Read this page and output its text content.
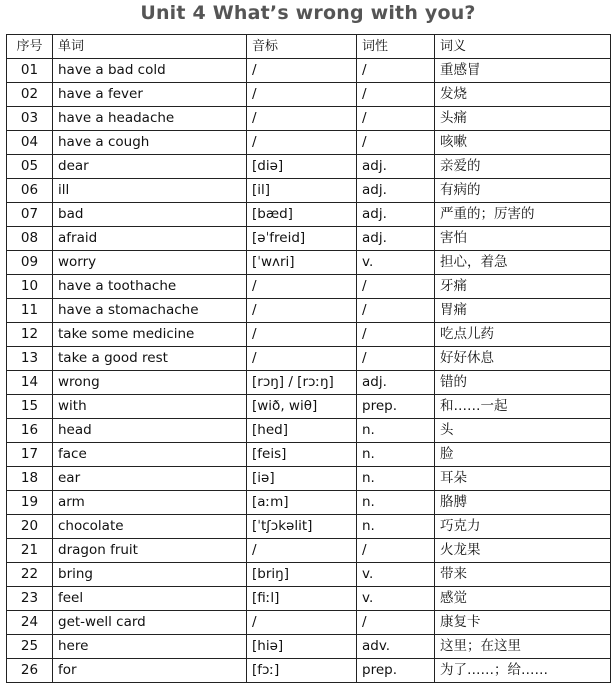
Unit 4 What’s wrong with you?
序号	单词	音标	词性	词义
01	have a bad cold	/	/	重感冒
02	have a fever	/	/	发烧
03	have a headache	/	/	头痛
04	have a cough	/	/	咳嗽
05	dear	[diə]	adj.	亲爱的
06	ill	[il]	adj.	有病的
07	bad	[bæd]	adj.	严重的；厉害的
08	afraid	[əˈfreid]	adj.	害怕
09	worry	[ˈwʌri]	v.	担心，着急
10	have a toothache	/	/	牙痛
11	have a stomachache	/	/	胃痛
12	take some medicine	/	/	吃点儿药
13	take a good rest	/	/	好好休息
14	wrong	[rɔŋ] / [rɔːŋ]	adj.	错的
15	with	[wið, wiθ]	prep.	和……一起
16	head	[hed]	n.	头
17	face	[feis]	n.	脸
18	ear	[iə]	n.	耳朵
19	arm	[aːm]	n.	胳膊
20	chocolate	[ˈtʃɔkəlit]	n.	巧克力
21	dragon fruit	/	/	火龙果
22	bring	[briŋ]	v.	带来
23	feel	[fiːl]	v.	感觉
24	get-well card	/	/	康复卡
25	here	[hiə]	adv.	这里；在这里
26	for	[fɔː]	prep.	为了……；给……
